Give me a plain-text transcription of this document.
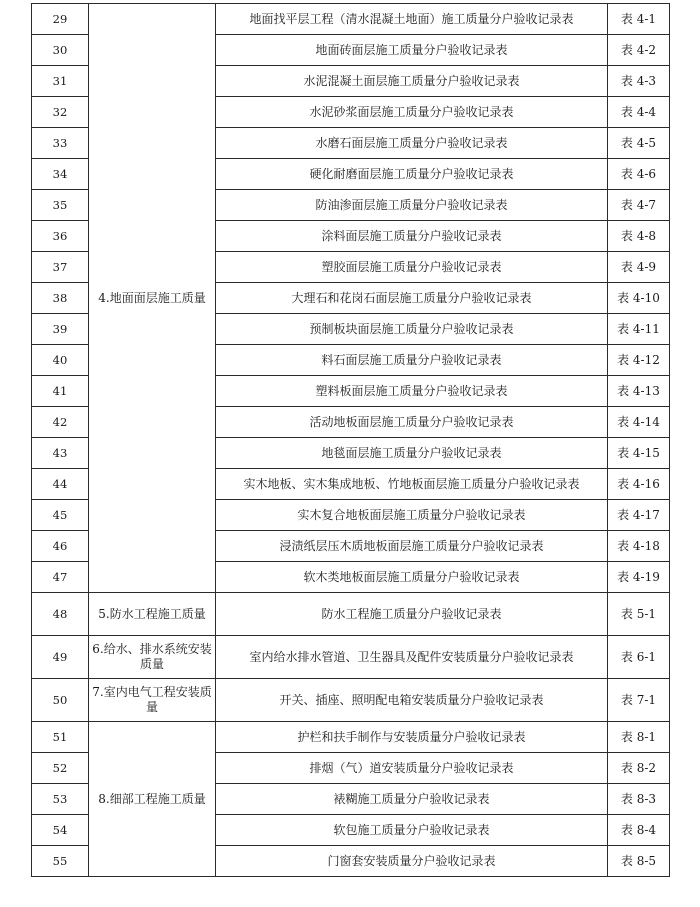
29	4.地面面层施工质量	地面找平层工程（清水混凝土地面）施工质量分户验收记录表	表 4-1
30		地面砖面层施工质量分户验收记录表	表 4-2
31		水泥混凝土面层施工质量分户验收记录表	表 4-3
32		水泥砂浆面层施工质量分户验收记录表	表 4-4
33		水磨石面层施工质量分户验收记录表	表 4-5
34		硬化耐磨面层施工质量分户验收记录表	表 4-6
35		防油渗面层施工质量分户验收记录表	表 4-7
36		涂料面层施工质量分户验收记录表	表 4-8
37		塑胶面层施工质量分户验收记录表	表 4-9
38		大理石和花岗石面层施工质量分户验收记录表	表 4-10
39		预制板块面层施工质量分户验收记录表	表 4-11
40		料石面层施工质量分户验收记录表	表 4-12
41		塑料板面层施工质量分户验收记录表	表 4-13
42		活动地板面层施工质量分户验收记录表	表 4-14
43		地毯面层施工质量分户验收记录表	表 4-15
44		实木地板、实木集成地板、竹地板面层施工质量分户验收记录表	表 4-16
45		实木复合地板面层施工质量分户验收记录表	表 4-17
46		浸渍纸层压木质地板面层施工质量分户验收记录表	表 4-18
47		软木类地板面层施工质量分户验收记录表	表 4-19
48	5.防水工程施工质量	防水工程施工质量分户验收记录表	表 5-1
49	6.给水、排水系统安装质量	室内给水排水管道、卫生器具及配件安装质量分户验收记录表	表 6-1
50	7.室内电气工程安装质量	开关、插座、照明配电箱安装质量分户验收记录表	表 7-1
51	8.细部工程施工质量	护栏和扶手制作与安装质量分户验收记录表	表 8-1
52		排烟（气）道安装质量分户验收记录表	表 8-2
53		裱糊施工质量分户验收记录表	表 8-3
54		软包施工质量分户验收记录表	表 8-4
55		门窗套安装质量分户验收记录表	表 8-5
